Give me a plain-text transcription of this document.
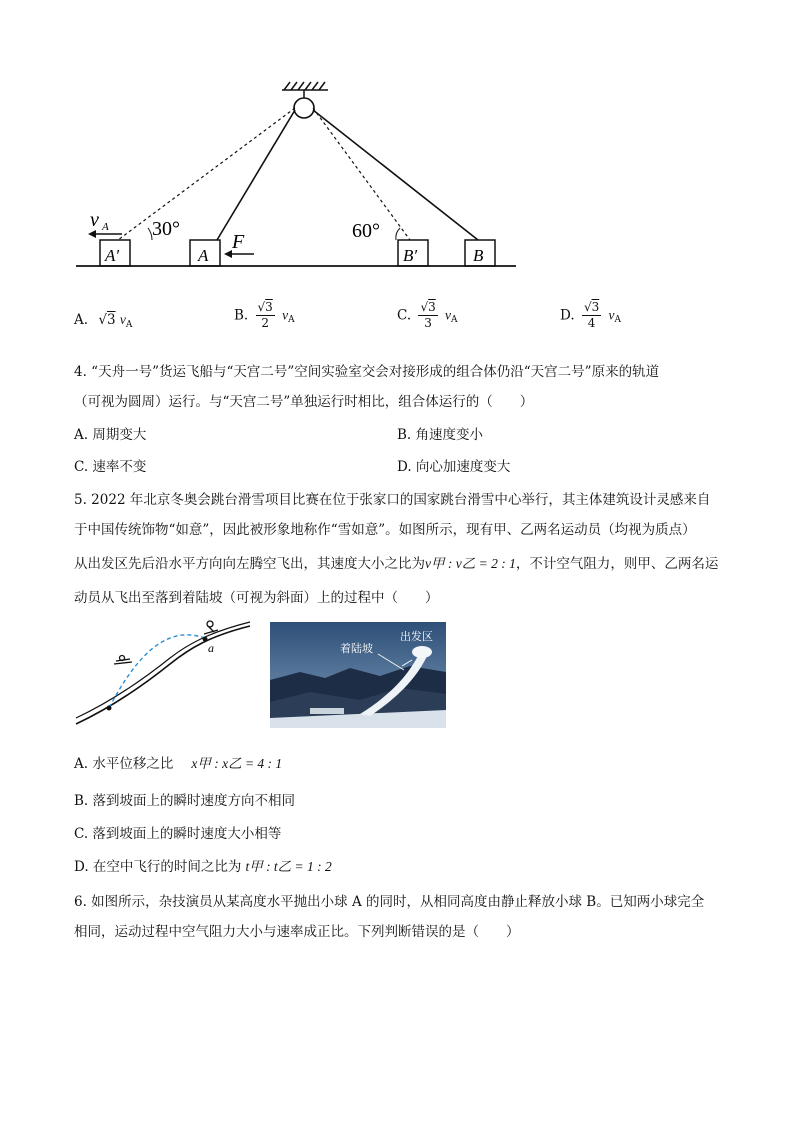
v A 30°	60°
F
A′	A	B′	B
A. √3 $v_A$
B. $\frac{√3}{2} v_A$	C. $\frac{√3}{3} v_A$	D. $\frac{√3}{4} v_A$
4. “天舟一号”货运飞船与“天宫二号”空间实验室交会对接形成的组合体仍沿“天宫二号”原来的轨道
（可视为圆周）运行。与“天宫二号”单独运行时相比，组合体运行的（　　）
A. 周期变大	B. 角速度变小
C. 速率不变	D. 向心加速度变大
5. 2022 年北京冬奥会跳台滑雪项目比赛在位于张家口的国家跳台滑雪中心举行，其主体建筑设计灵感来自
于中国传统饰物“如意”，因此被形象地称作“雪如意”。如图所示，现有甲、乙两名运动员（均视为质点）
从出发区先后沿水平方向向左腾空飞出，其速度大小之比为v甲 : v乙 = 2 : 1，不计空气阻力，则甲、乙两名运
动员从飞出至落到着陆坡（可视为斜面）上的过程中（　　）
a
出发区
着陆坡
A. 水平位移之比 x甲 : x乙 = 4 : 1
B. 落到坡面上的瞬时速度方向不相同
C. 落到坡面上的瞬时速度大小相等
D. 在空中飞行的时间之比为 t甲 : t乙 = 1 : 2
6. 如图所示，杂技演员从某高度水平抛出小球 A 的同时，从相同高度由静止释放小球 B。已知两小球完全
相同，运动过程中空气阻力大小与速率成正比。下列判断错误的是（　　）
